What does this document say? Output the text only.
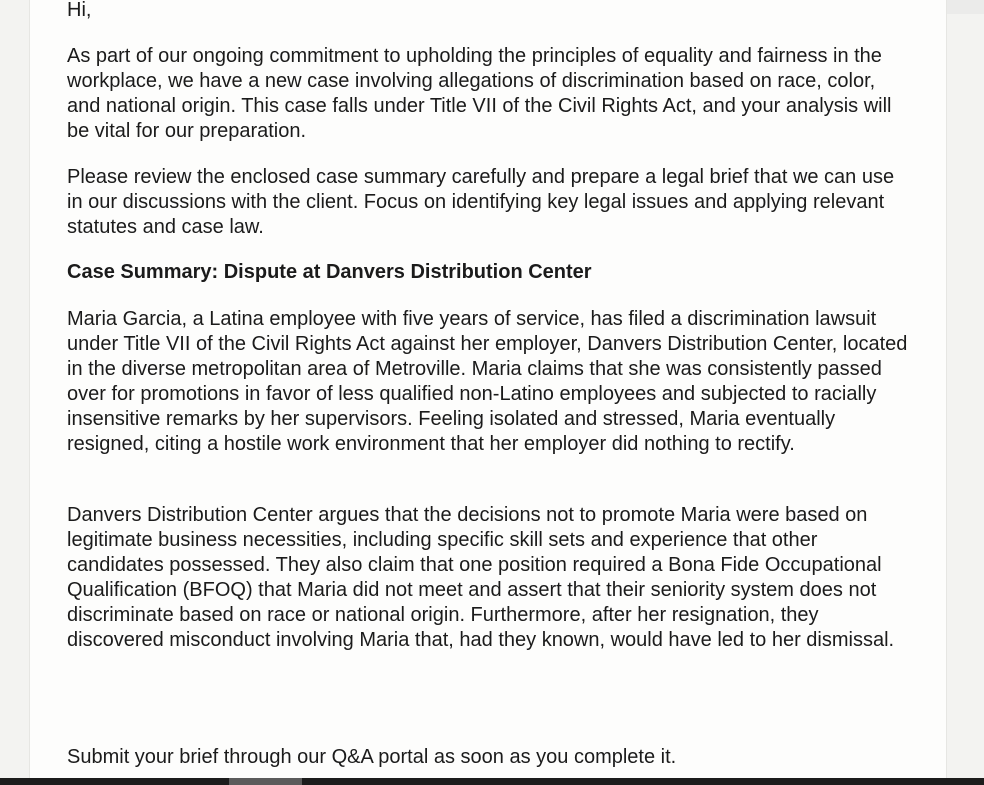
Hi,

As part of our ongoing commitment to upholding the principles of equality and fairness in the workplace, we have a new case involving allegations of discrimination based on race, color, and national origin. This case falls under Title VII of the Civil Rights Act, and your analysis will be vital for our preparation.

Please review the enclosed case summary carefully and prepare a legal brief that we can use in our discussions with the client. Focus on identifying key legal issues and applying relevant statutes and case law.

Case Summary: Dispute at Danvers Distribution Center

Maria Garcia, a Latina employee with five years of service, has filed a discrimination lawsuit under Title VII of the Civil Rights Act against her employer, Danvers Distribution Center, located in the diverse metropolitan area of Metroville. Maria claims that she was consistently passed over for promotions in favor of less qualified non-Latino employees and subjected to racially insensitive remarks by her supervisors. Feeling isolated and stressed, Maria eventually resigned, citing a hostile work environment that her employer did nothing to rectify.

Danvers Distribution Center argues that the decisions not to promote Maria were based on legitimate business necessities, including specific skill sets and experience that other candidates possessed. They also claim that one position required a Bona Fide Occupational Qualification (BFOQ) that Maria did not meet and assert that their seniority system does not discriminate based on race or national origin. Furthermore, after her resignation, they discovered misconduct involving Maria that, had they known, would have led to her dismissal.

Submit your brief through our Q&A portal as soon as you complete it.
